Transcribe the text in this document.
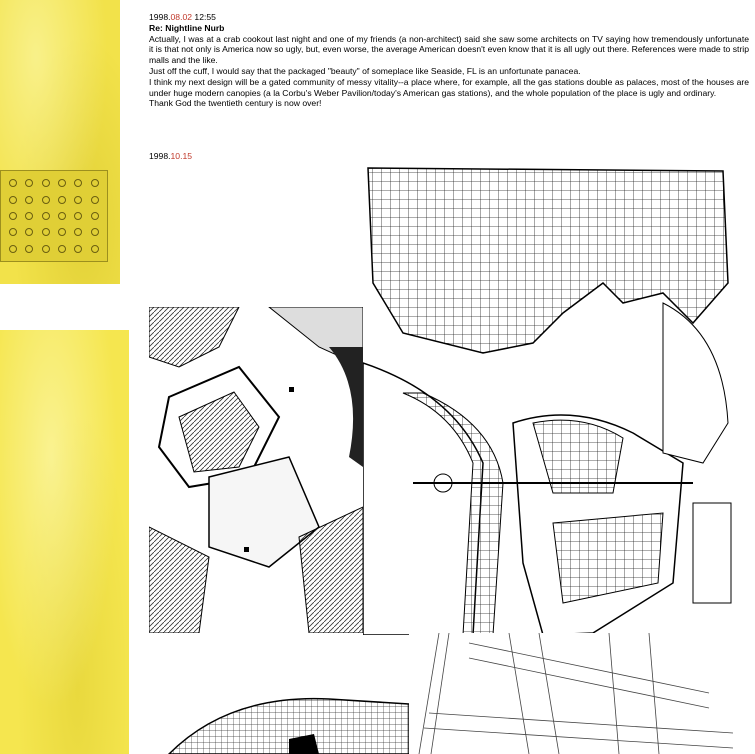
1998.08.02 12:55
Re: Nightline Nurb
Actually, I was at a crab cookout last night and one of my friends (a non-architect) said she saw some architects on TV saying how tremendously unfortunate it is that not only is America now so ugly, but, even worse, the average American doesn't even know that it is all ugly out there. References were made to strip malls and the like.
Just off the cuff, I would say that the packaged "beauty" of someplace like Seaside, FL is an unfortunate panacea.
I think my next design will be a gated community of messy vitality--a place where, for example, all the gas stations double as palaces, most of the houses are under huge modern canopies (a la Corbu's Weber Pavilion/today's American gas stations), and the whole population of the place is ugly and ordinary.
Thank God the twentieth century is now over!
1998.10.15
